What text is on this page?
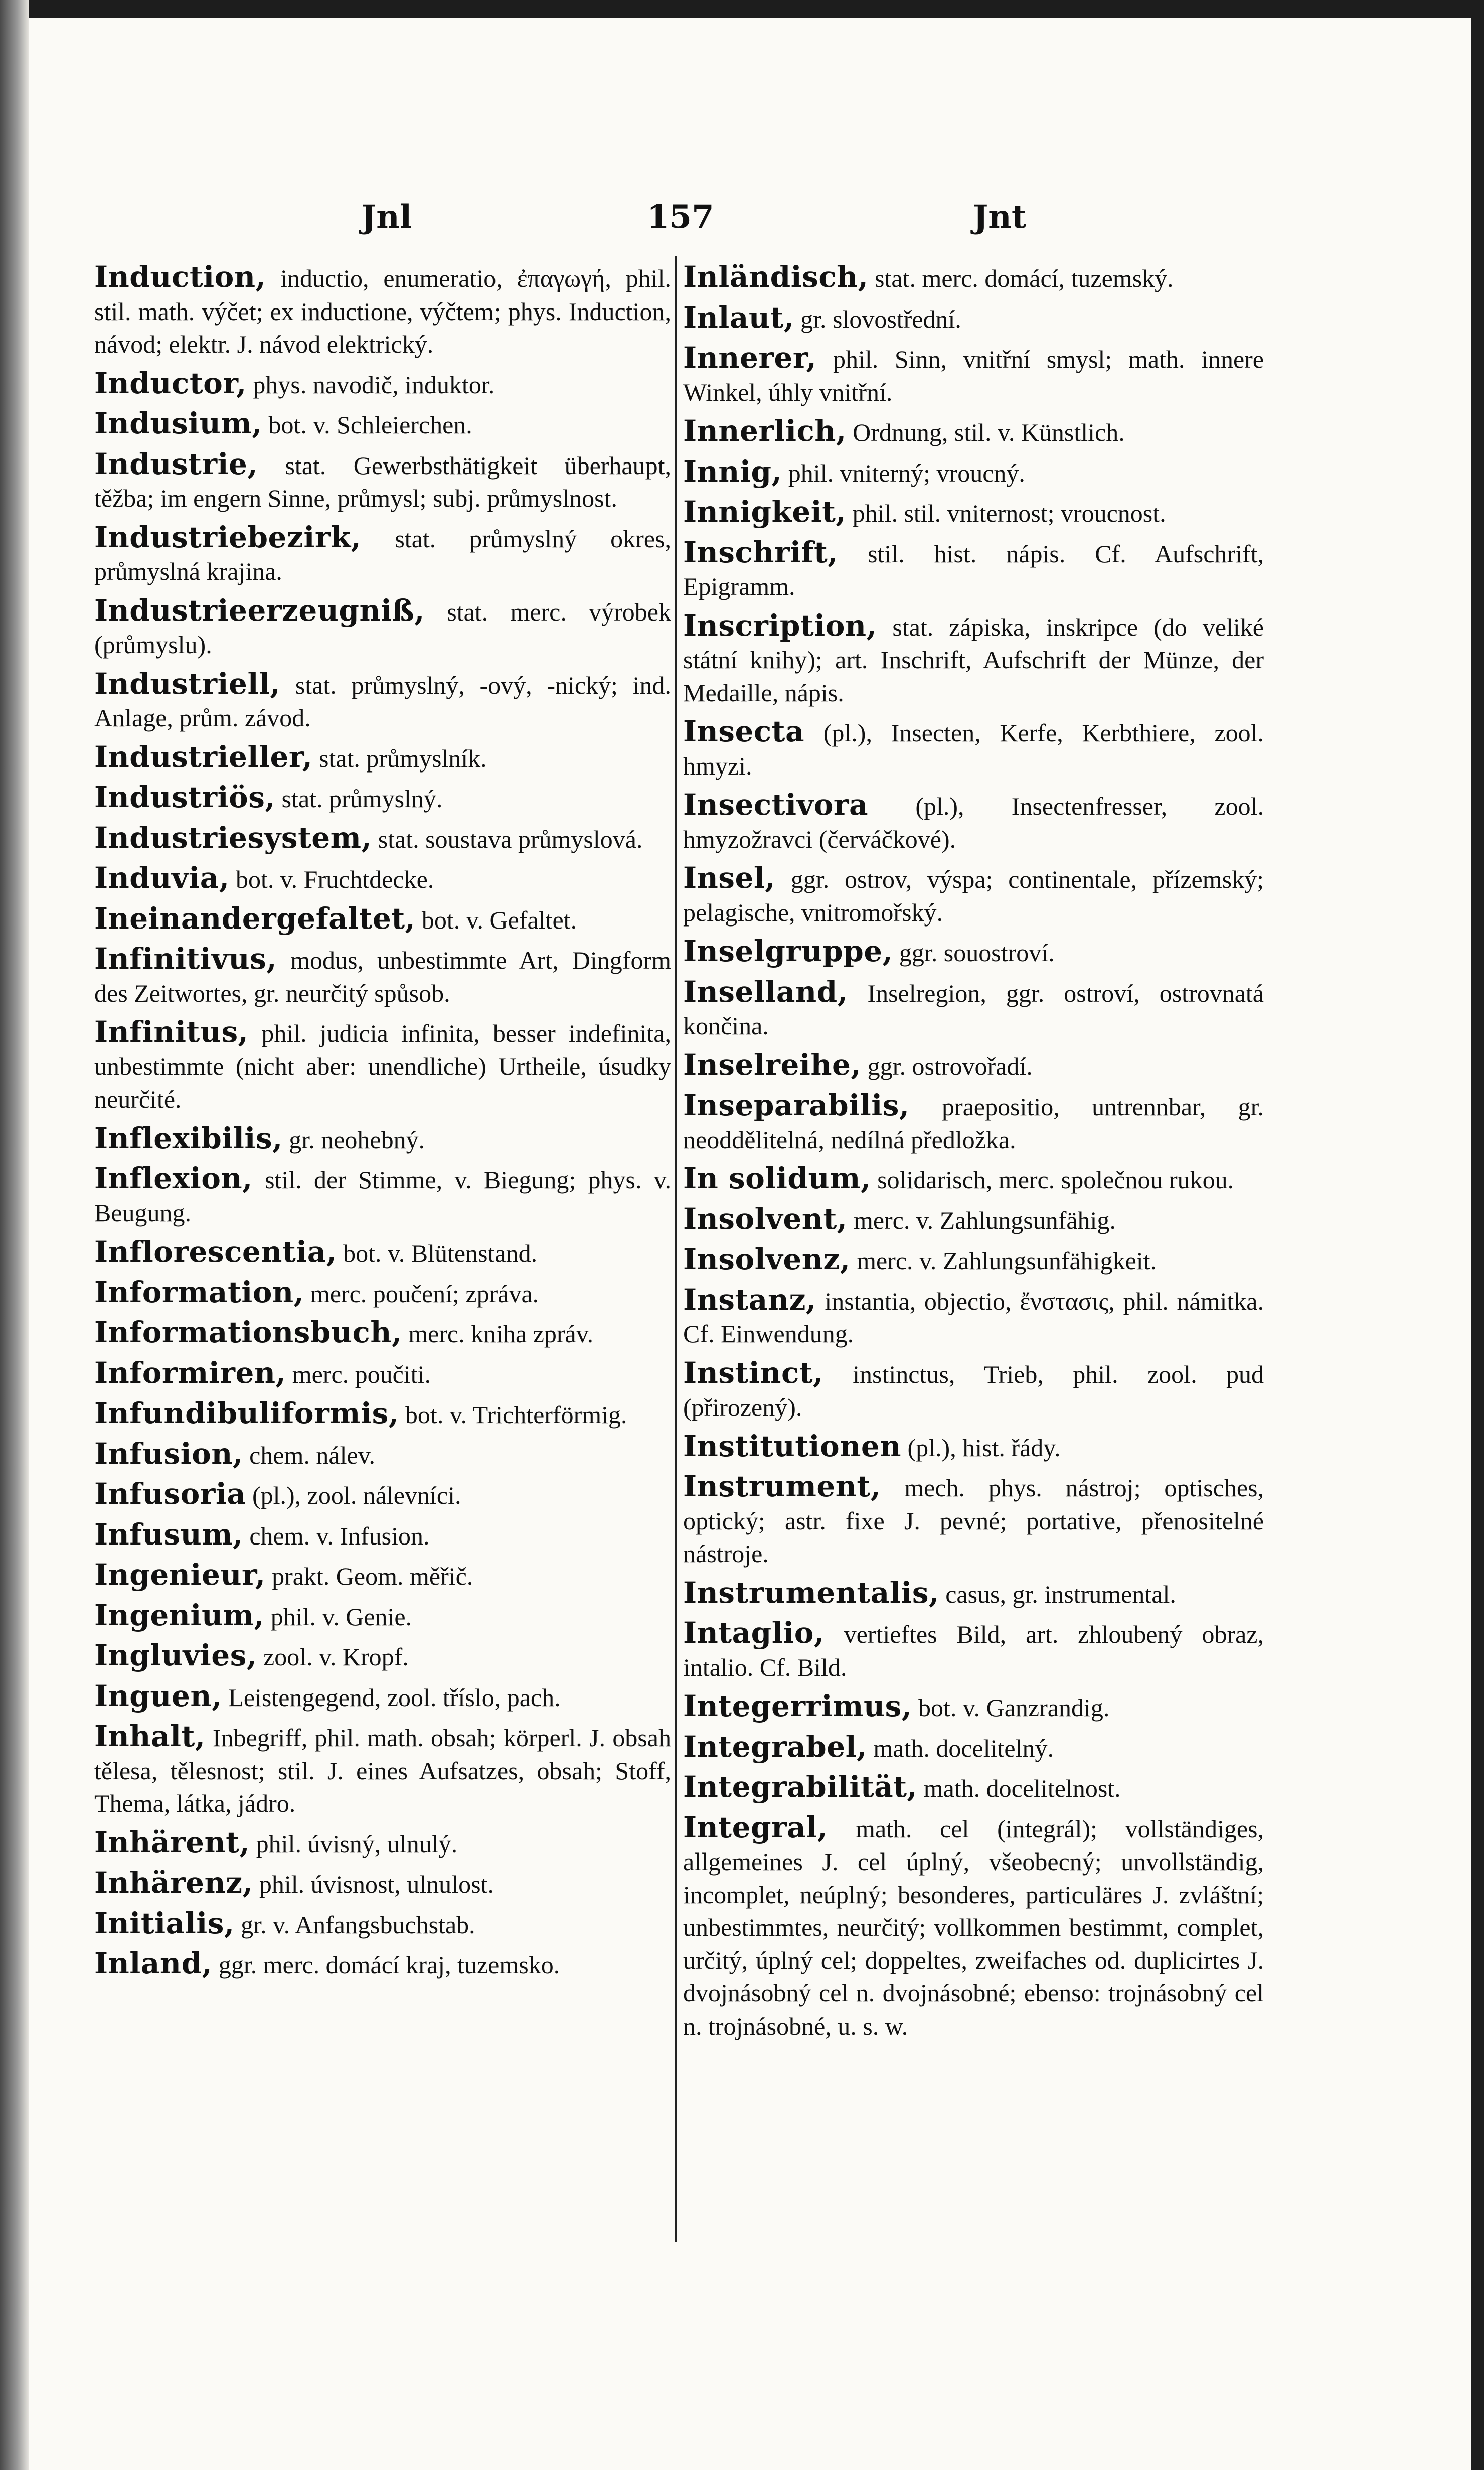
Jnl	157	Jnt

Induction, inductio, enumeratio, ἐπαγωγή, phil. stil. math. výčet; ex inductione, výčtem; phys. Induction, návod; elektr. J. návod elektrický.

Inductor, phys. navodič, induktor.

Indusium, bot. v. Schleierchen.

Industrie, stat. Gewerbsthätigkeit überhaupt, těžba; im engern Sinne, průmysl; subj. průmyslnost.

Industriebezirk, stat. průmyslný okres, průmyslná krajina.

Industrieerzeugniß, stat. merc. výrobek (průmyslu).

Industriell, stat. průmyslný, -ový, -nický; ind. Anlage, prům. závod.

Industrieller, stat. průmyslník.

Industriös, stat. průmyslný.

Industriesystem, stat. soustava průmyslová.

Induvia, bot. v. Fruchtdecke.

Ineinandergefaltet, bot. v. Gefaltet.

Infinitivus, modus, unbestimmte Art, Dingform des Zeitwortes, gr. neurčitý spůsob.

Infinitus, phil. judicia infinita, besser indefinita, unbestimmte (nicht aber: unendliche) Urtheile, úsudky neurčité.

Inflexibilis, gr. neohebný.

Inflexion, stil. der Stimme, v. Biegung; phys. v. Beugung.

Inflorescentia, bot. v. Blütenstand.

Information, merc. poučení; zpráva.

Informationsbuch, merc. kniha zpráv.

Informiren, merc. poučiti.

Infundibuliformis, bot. v. Trichterförmig.

Infusion, chem. nálev.

Infusoria (pl.), zool. nálevníci.

Infusum, chem. v. Infusion.

Ingenieur, prakt. Geom. měřič.

Ingenium, phil. v. Genie.

Ingluvies, zool. v. Kropf.

Inguen, Leistengegend, zool. tříslo, pach.

Inhalt, Inbegriff, phil. math. obsah; körperl. J. obsah tělesa, tělesnost; stil. J. eines Aufsatzes, obsah; Stoff, Thema, látka, jádro.

Inhärent, phil. úvisný, ulnulý.

Inhärenz, phil. úvisnost, ulnulost.

Initialis, gr. v. Anfangsbuchstab.

Inland, ggr. merc. domácí kraj, tuzemsko.

Inländisch, stat. merc. domácí, tuzemský.

Inlaut, gr. slovostřední.

Innerer, phil. Sinn, vnitřní smysl; math. innere Winkel, úhly vnitřní.

Innerlich, Ordnung, stil. v. Künstlich.

Innig, phil. vniterný; vroucný.

Innigkeit, phil. stil. vniternost; vroucnost.

Inschrift, stil. hist. nápis. Cf. Aufschrift, Epigramm.

Inscription, stat. zápiska, inskripce (do veliké státní knihy); art. Inschrift, Aufschrift der Münze, der Medaille, nápis.

Insecta (pl.), Insecten, Kerfe, Kerbthiere, zool. hmyzi.

Insectivora (pl.), Insectenfresser, zool. hmyzožravci (červáčkové).

Insel, ggr. ostrov, výspa; continentale, přízemský; pelagische, vnitromořský.

Inselgruppe, ggr. souostroví.

Inselland, Inselregion, ggr. ostroví, ostrovnatá končina.

Inselreihe, ggr. ostrovořadí.

Inseparabilis, praepositio, untrennbar, gr. neoddělitelná, nedílná předložka.

In solidum, solidarisch, merc. společnou rukou.

Insolvent, merc. v. Zahlungsunfähig.

Insolvenz, merc. v. Zahlungsunfähigkeit.

Instanz, instantia, objectio, ἔνστασις, phil. námitka. Cf. Einwendung.

Instinct, instinctus, Trieb, phil. zool. pud (přirozený).

Institutionen (pl.), hist. řády.

Instrument, mech. phys. nástroj; optisches, optický; astr. fixe J. pevné; portative, přenositelné nástroje.

Instrumentalis, casus, gr. instrumental.

Intaglio, vertieftes Bild, art. zhloubený obraz, intalio. Cf. Bild.

Integerrimus, bot. v. Ganzrandig.

Integrabel, math. docelitelný.

Integrabilität, math. docelitelnost.

Integral, math. cel (integrál); vollständiges, allgemeines J. cel úplný, všeobecný; unvollständig, incomplet, neúplný; besonderes, particuläres J. zvláštní; unbestimmtes, neurčitý; vollkommen bestimmt, complet, určitý, úplný cel; doppeltes, zweifaches od. duplicirtes J. dvojnásobný cel n. dvojnásobné; ebenso: trojnásobný cel n. trojnásobné, u. s. w.
